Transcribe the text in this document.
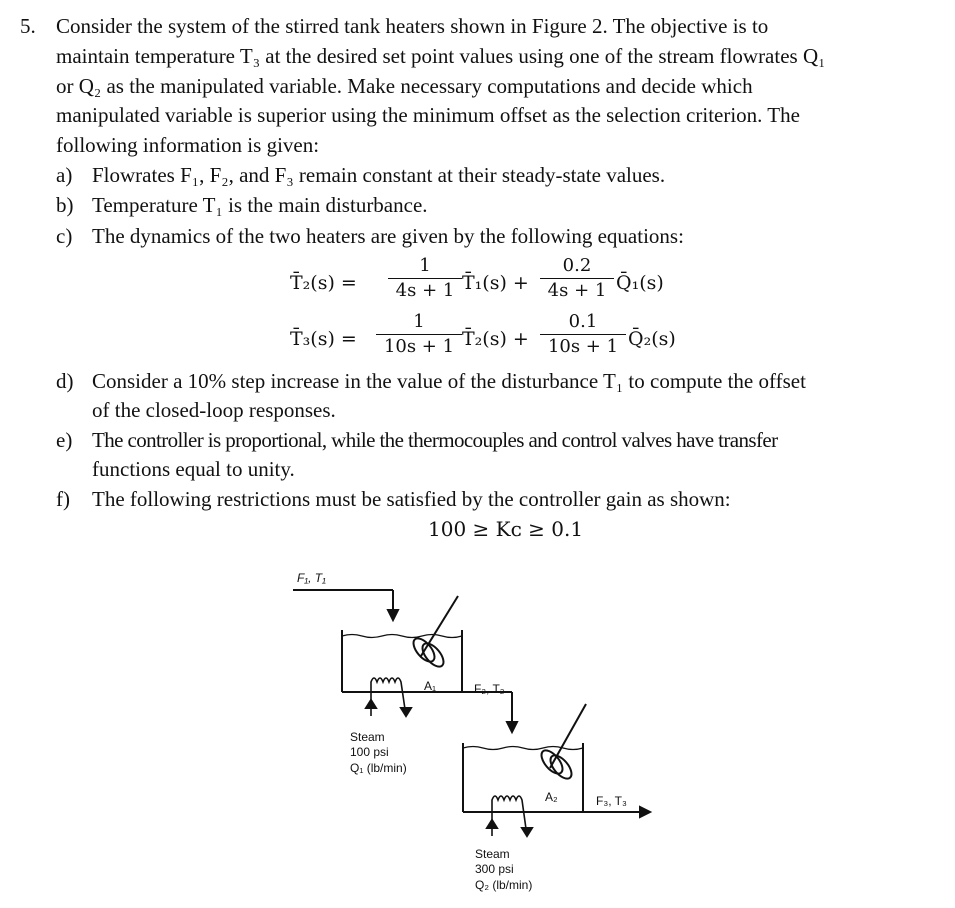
5. Consider the system of the stirred tank heaters shown in Figure 2. The objective is to
maintain temperature T₃ at the desired set point values using one of the stream flowrates Q₁
or Q₂ as the manipulated variable. Make necessary computations and decide which
manipulated variable is superior using the minimum offset as the selection criterion. The
following information is given:
a) Flowrates F₁, F₂, and F₃ remain constant at their steady-state values.
b) Temperature T₁ is the main disturbance.
c) The dynamics of the two heaters are given by the following equations:
T̄₂(s) =
1
4s + 1 T̄₁(s) +
0.2
4s + 1 Q̄₁(s)
T̄₃(s) =
1
10s + 1 T̄₂(s) +
0.1
10s + 1 Q̄₂(s)
d) Consider a 10% step increase in the value of the disturbance T₁ to compute the offset
of the closed-loop responses.
e) The controller is proportional, while the thermocouples and control valves have transfer
functions equal to unity.
f) The following restrictions must be satisfied by the controller gain as shown:
100 ≥ Kᴄ ≥ 0.1
F₁, T₁
A₁	F₂, T₂
Steam
100 psi
Q₁ (lb/min)
A₂	F₃, T₃
Steam
300 psi
Q₂ (lb/min)
